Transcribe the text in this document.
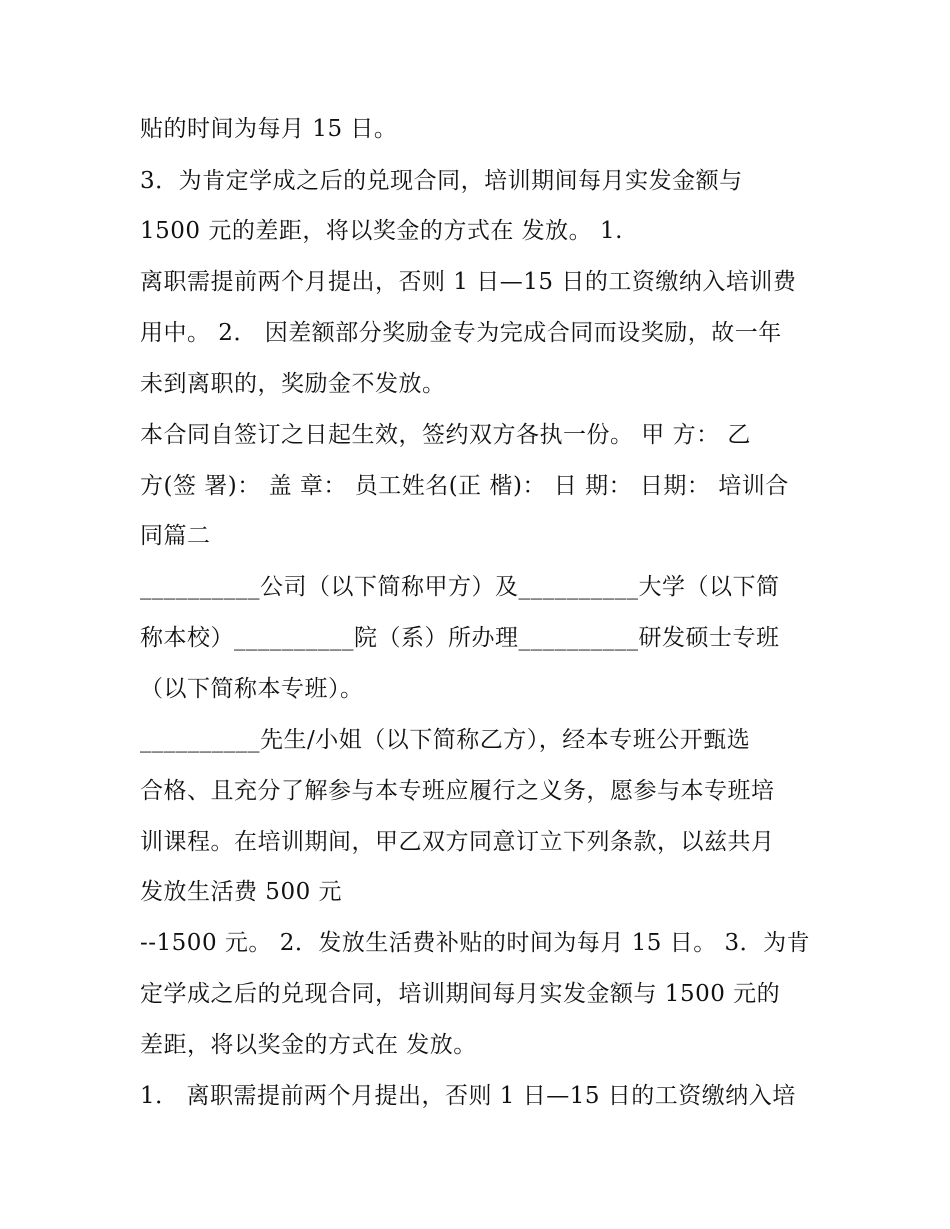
贴的时间为每月 15 日。
3．为肯定学成之后的兑现合同，培训期间每月实发金额与
1500 元的差距，将以奖金的方式在 发放。 1.
离职需提前两个月提出，否则 1 日—15 日的工资缴纳入培训费
用中。 2． 因差额部分奖励金专为完成合同而设奖励，故一年
未到离职的，奖励金不发放。
本合同自签订之日起生效，签约双方各执一份。 甲 方： 乙
方(签 署)： 盖 章： 员工姓名(正 楷)： 日 期： 日期： 培训合
同篇二
__________公司（以下简称甲方）及__________大学（以下简
称本校）__________院（系）所办理__________研发硕士专班
（以下简称本专班）。
__________先生/小姐（以下简称乙方），经本专班公开甄选
合格、且充分了解参与本专班应履行之义务，愿参与本专班培
训课程。在培训期间，甲乙双方同意订立下列条款，以兹共月
发放生活费 500 元
--1500 元。 2．发放生活费补贴的时间为每月 15 日。 3．为肯
定学成之后的兑现合同，培训期间每月实发金额与 1500 元的
差距，将以奖金的方式在 发放。
1． 离职需提前两个月提出，否则 1 日—15 日的工资缴纳入培
